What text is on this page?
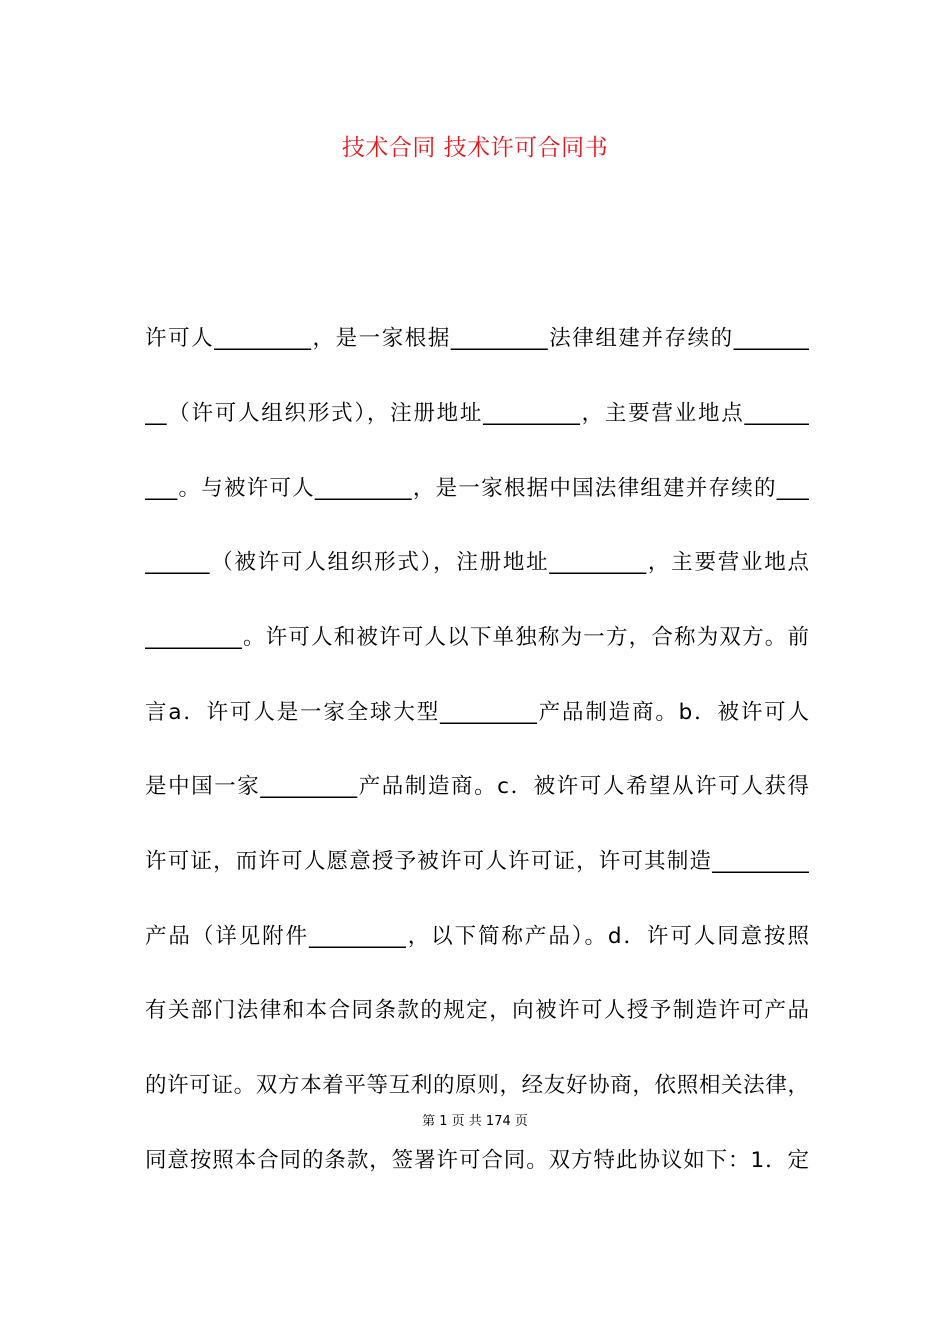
技术合同 技术许可合同书
许可人_________，是一家根据_________法律组建并存续的_______
__（许可人组织形式），注册地址_________，主要营业地点______
___。与被许可人_________，是一家根据中国法律组建并存续的___
______（被许可人组织形式），注册地址_________，主要营业地点
_________。许可人和被许可人以下单独称为一方，合称为双方。前
言a．许可人是一家全球大型_________产品制造商。b．被许可人
是中国一家_________产品制造商。c．被许可人希望从许可人获得
许可证，而许可人愿意授予被许可人许可证，许可其制造_________
产品（详见附件_________，以下简称产品）。d．许可人同意按照
有关部门法律和本合同条款的规定，向被许可人授予制造许可产品
的许可证。双方本着平等互利的原则，经友好协商，依照相关法律，
第 1 页 共 174 页
同意按照本合同的条款，签署许可合同。双方特此协议如下：1．定
